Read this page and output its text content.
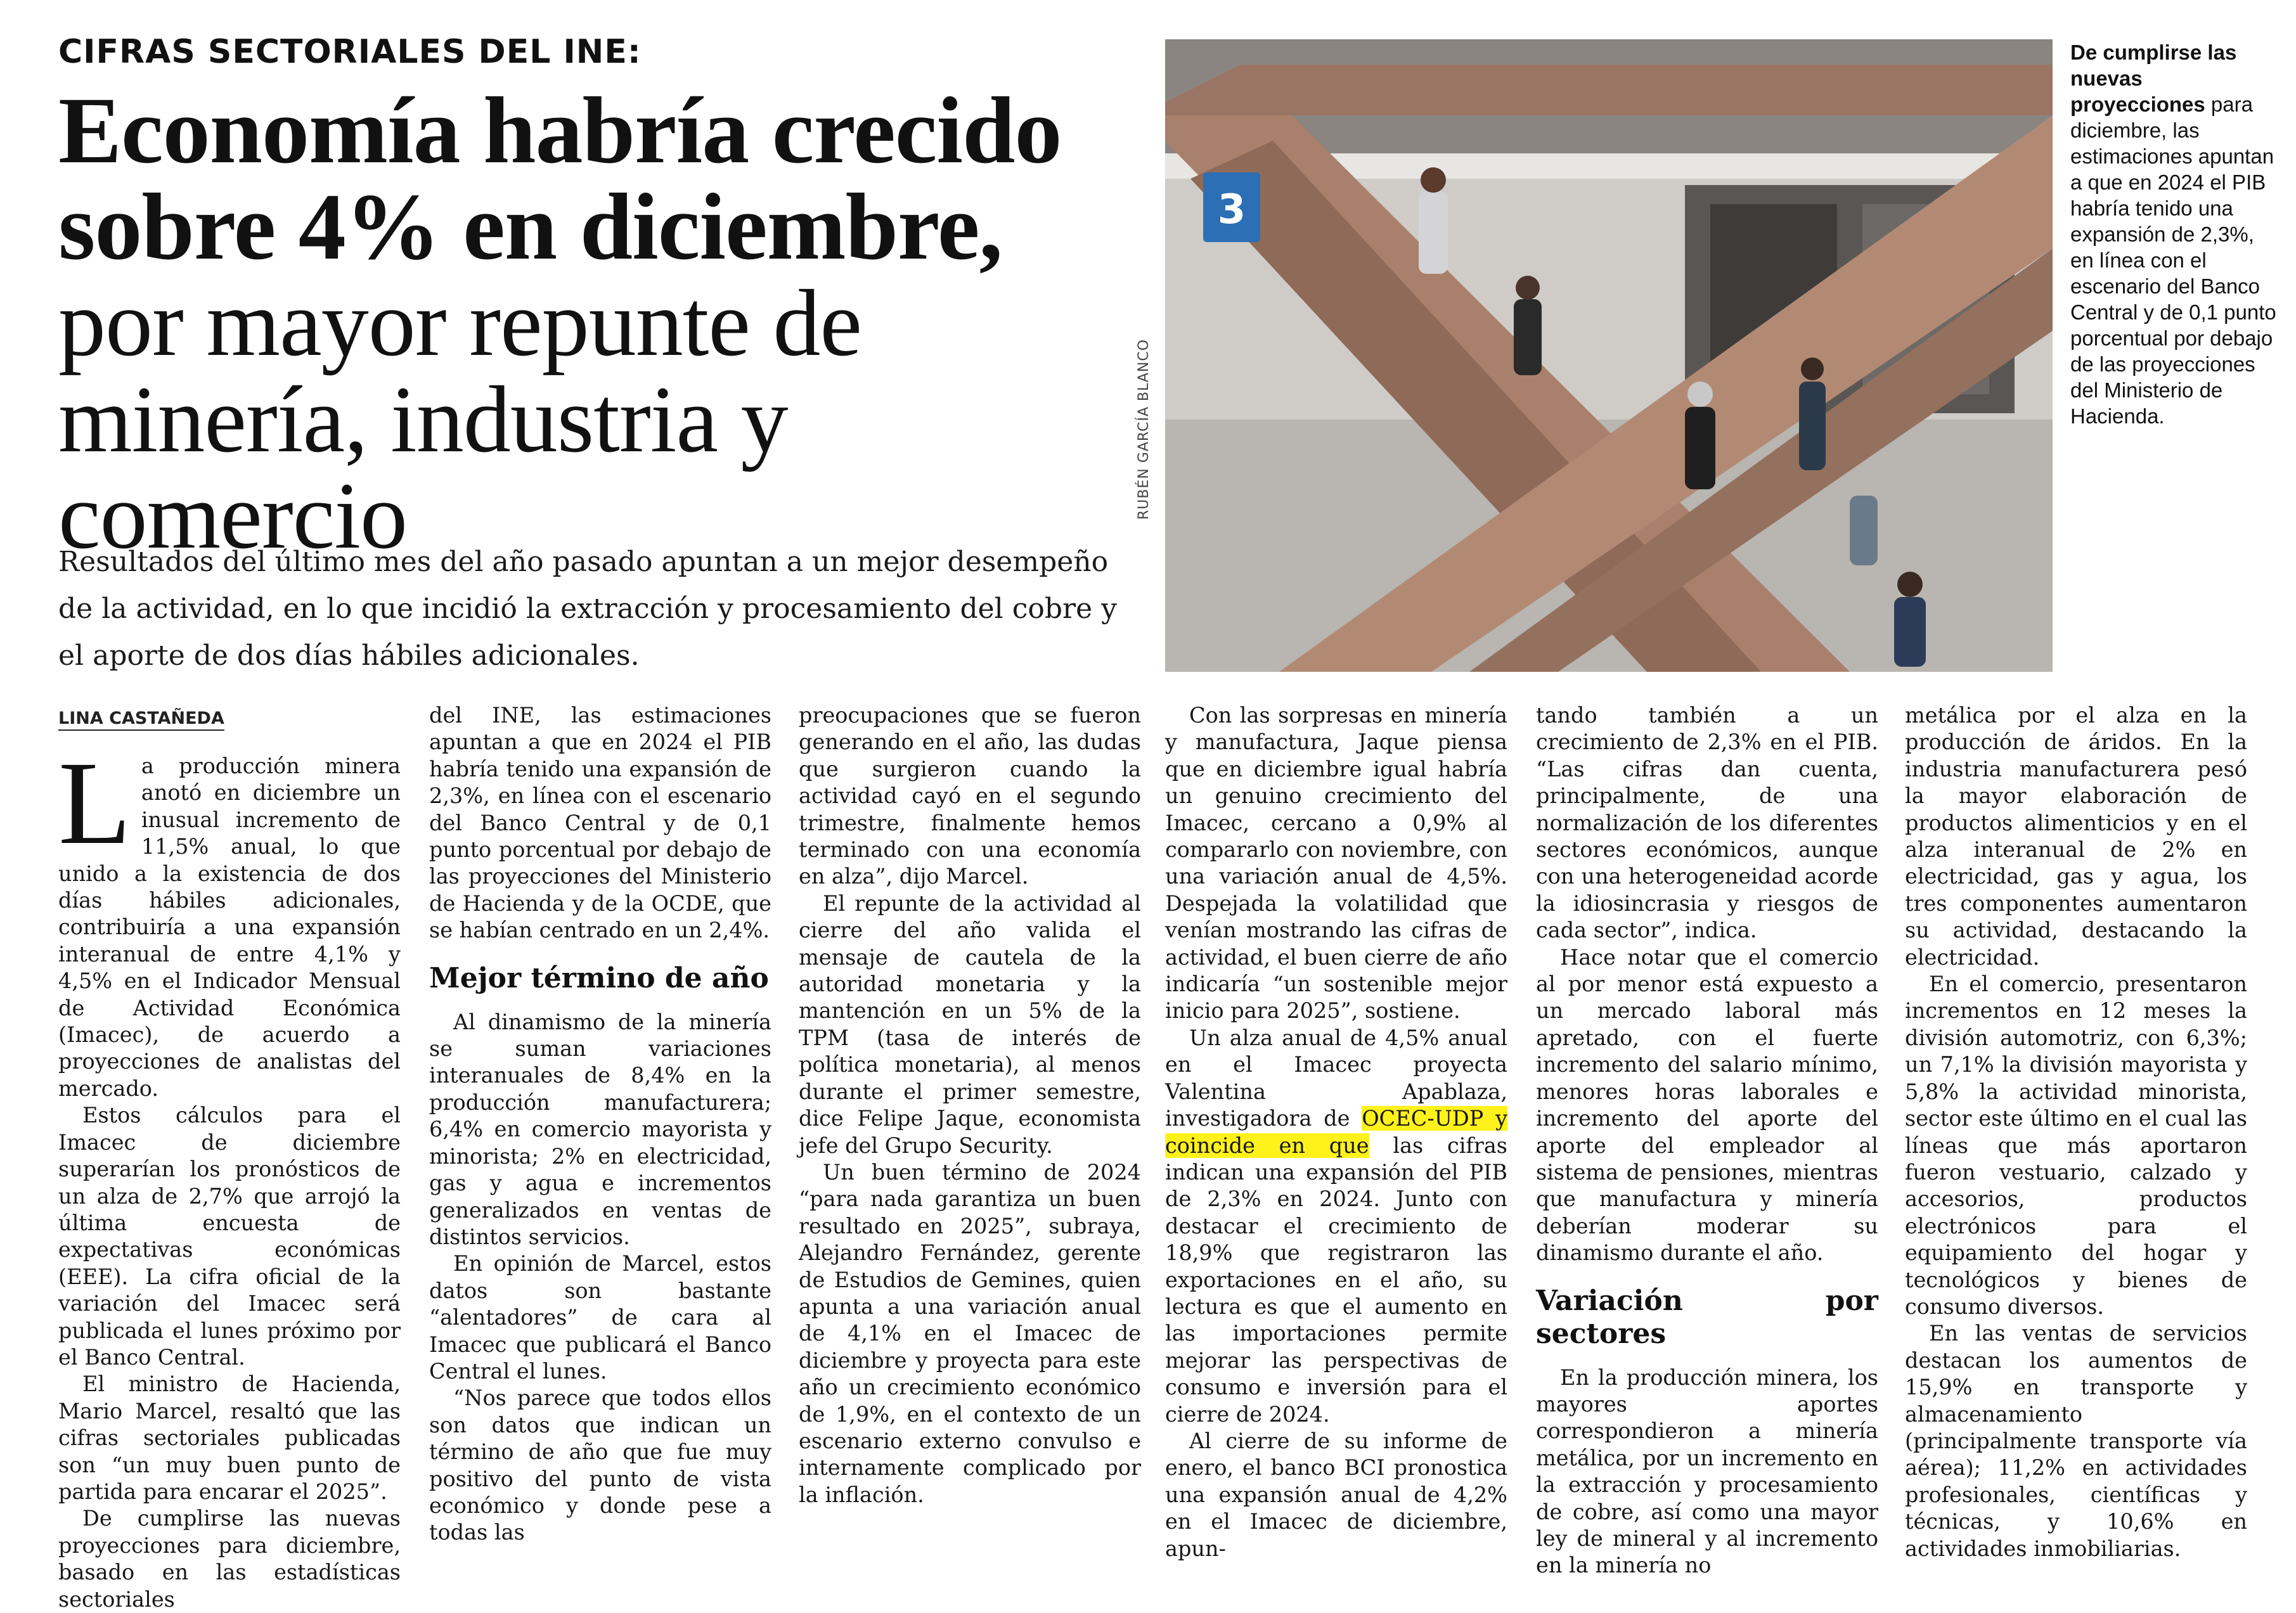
CIFRAS SECTORIALES DEL INE:
Economía habría crecido sobre 4% en diciembre, por mayor repunte de minería, industria y comercio
Resultados del último mes del año pasado apuntan a un mejor desempeño de la actividad, en lo que incidió la extracción y procesamiento del cobre y el aporte de dos días hábiles adicionales.
3
RUBÉN GARCÍA BLANCO
De cumplirse las nuevas proyecciones para diciembre, las estimaciones apuntan a que en 2024 el PIB habría tenido una expansión de 2,3%, en línea con el escenario del Banco Central y de 0,1 punto porcentual por debajo de las proyecciones del Ministerio de Hacienda.
LINA CASTAÑEDA

La producción minera anotó en diciembre un inusual incremento de 11,5% anual, lo que unido a la existencia de dos días hábiles adicionales, contribuiría a una expansión interanual de entre 4,1% y 4,5% en el Indicador Mensual de Actividad Económica (Imacec), de acuerdo a proyecciones de analistas del mercado.

Estos cálculos para el Imacec de diciembre superarían los pronósticos de un alza de 2,7% que arrojó la última encuesta de expectativas económicas (EEE). La cifra oficial de la variación del Imacec será publicada el lunes próximo por el Banco Central.

El ministro de Hacienda, Mario Marcel, resaltó que las cifras sectoriales publicadas son “un muy buen punto de partida para encarar el 2025”.

De cumplirse las nuevas proyecciones para diciembre, basado en las estadísticas sectoriales

del INE, las estimaciones apuntan a que en 2024 el PIB habría tenido una expansión de 2,3%, en línea con el escenario del Banco Central y de 0,1 punto porcentual por debajo de las proyecciones del Ministerio de Hacienda y de la OCDE, que se habían centrado en un 2,4%.

Mejor término de año

Al dinamismo de la minería se suman variaciones interanuales de 8,4% en la producción manufacturera; 6,4% en comercio mayorista y minorista; 2% en electricidad, gas y agua e incrementos generalizados en ventas de distintos servicios.

En opinión de Marcel, estos datos son bastante “alentadores” de cara al Imacec que publicará el Banco Central el lunes.

“Nos parece que todos ellos son datos que indican un término de año que fue muy positivo del punto de vista económico y donde pese a todas las

preocupaciones que se fueron generando en el año, las dudas que surgieron cuando la actividad cayó en el segundo trimestre, finalmente hemos terminado con una economía en alza”, dijo Marcel.

El repunte de la actividad al cierre del año valida el mensaje de cautela de la autoridad monetaria y la mantención en un 5% de la TPM (tasa de interés de política monetaria), al menos durante el primer semestre, dice Felipe Jaque, economista jefe del Grupo Security.

Un buen término de 2024 “para nada garantiza un buen resultado en 2025”, subraya, Alejandro Fernández, gerente de Estudios de Gemines, quien apunta a una variación anual de 4,1% en el Imacec de diciembre y proyecta para este año un crecimiento económico de 1,9%, en el contexto de un escenario externo convulso e internamente complicado por la inflación.

Con las sorpresas en minería y manufactura, Jaque piensa que en diciembre igual habría un genuino crecimiento del Imacec, cercano a 0,9% al compararlo con noviembre, con una variación anual de 4,5%. Despejada la volatilidad que venían mostrando las cifras de actividad, el buen cierre de año indicaría “un sostenible mejor inicio para 2025”, sostiene.

Un alza anual de 4,5% anual en el Imacec proyecta Valentina Apablaza, investigadora de OCEC-UDP y coincide en que las cifras indican una expansión del PIB de 2,3% en 2024. Junto con destacar el crecimiento de 18,9% que registraron las exportaciones en el año, su lectura es que el aumento en las importaciones permite mejorar las perspectivas de consumo e inversión para el cierre de 2024.

Al cierre de su informe de enero, el banco BCI pronostica una expansión anual de 4,2% en el Imacec de diciembre, apun-

tando también a un crecimiento de 2,3% en el PIB. “Las cifras dan cuenta, principalmente, de una normalización de los diferentes sectores económicos, aunque con una heterogeneidad acorde la idiosincrasia y riesgos de cada sector”, indica.

Hace notar que el comercio al por menor está expuesto a un mercado laboral más apretado, con el fuerte incremento del salario mínimo, menores horas laborales e incremento del aporte del aporte del empleador al sistema de pensiones, mientras que manufactura y minería deberían moderar su dinamismo durante el año.

Variación por sectores

En la producción minera, los mayores aportes correspondieron a minería metálica, por un incremento en la extracción y procesamiento de cobre, así como una mayor ley de mineral y al incremento en la minería no

metálica por el alza en la producción de áridos. En la industria manufacturera pesó la mayor elaboración de productos alimenticios y en el alza interanual de 2% en electricidad, gas y agua, los tres componentes aumentaron su actividad, destacando la electricidad.

En el comercio, presentaron incrementos en 12 meses la división automotriz, con 6,3%; un 7,1% la división mayorista y 5,8% la actividad minorista, sector este último en el cual las líneas que más aportaron fueron vestuario, calzado y accesorios, productos electrónicos para el equipamiento del hogar y tecnológicos y bienes de consumo diversos.

En las ventas de servicios destacan los aumentos de 15,9% en transporte y almacenamiento (principalmente transporte vía aérea); 11,2% en actividades profesionales, científicas y técnicas, y 10,6% en actividades inmobiliarias.
